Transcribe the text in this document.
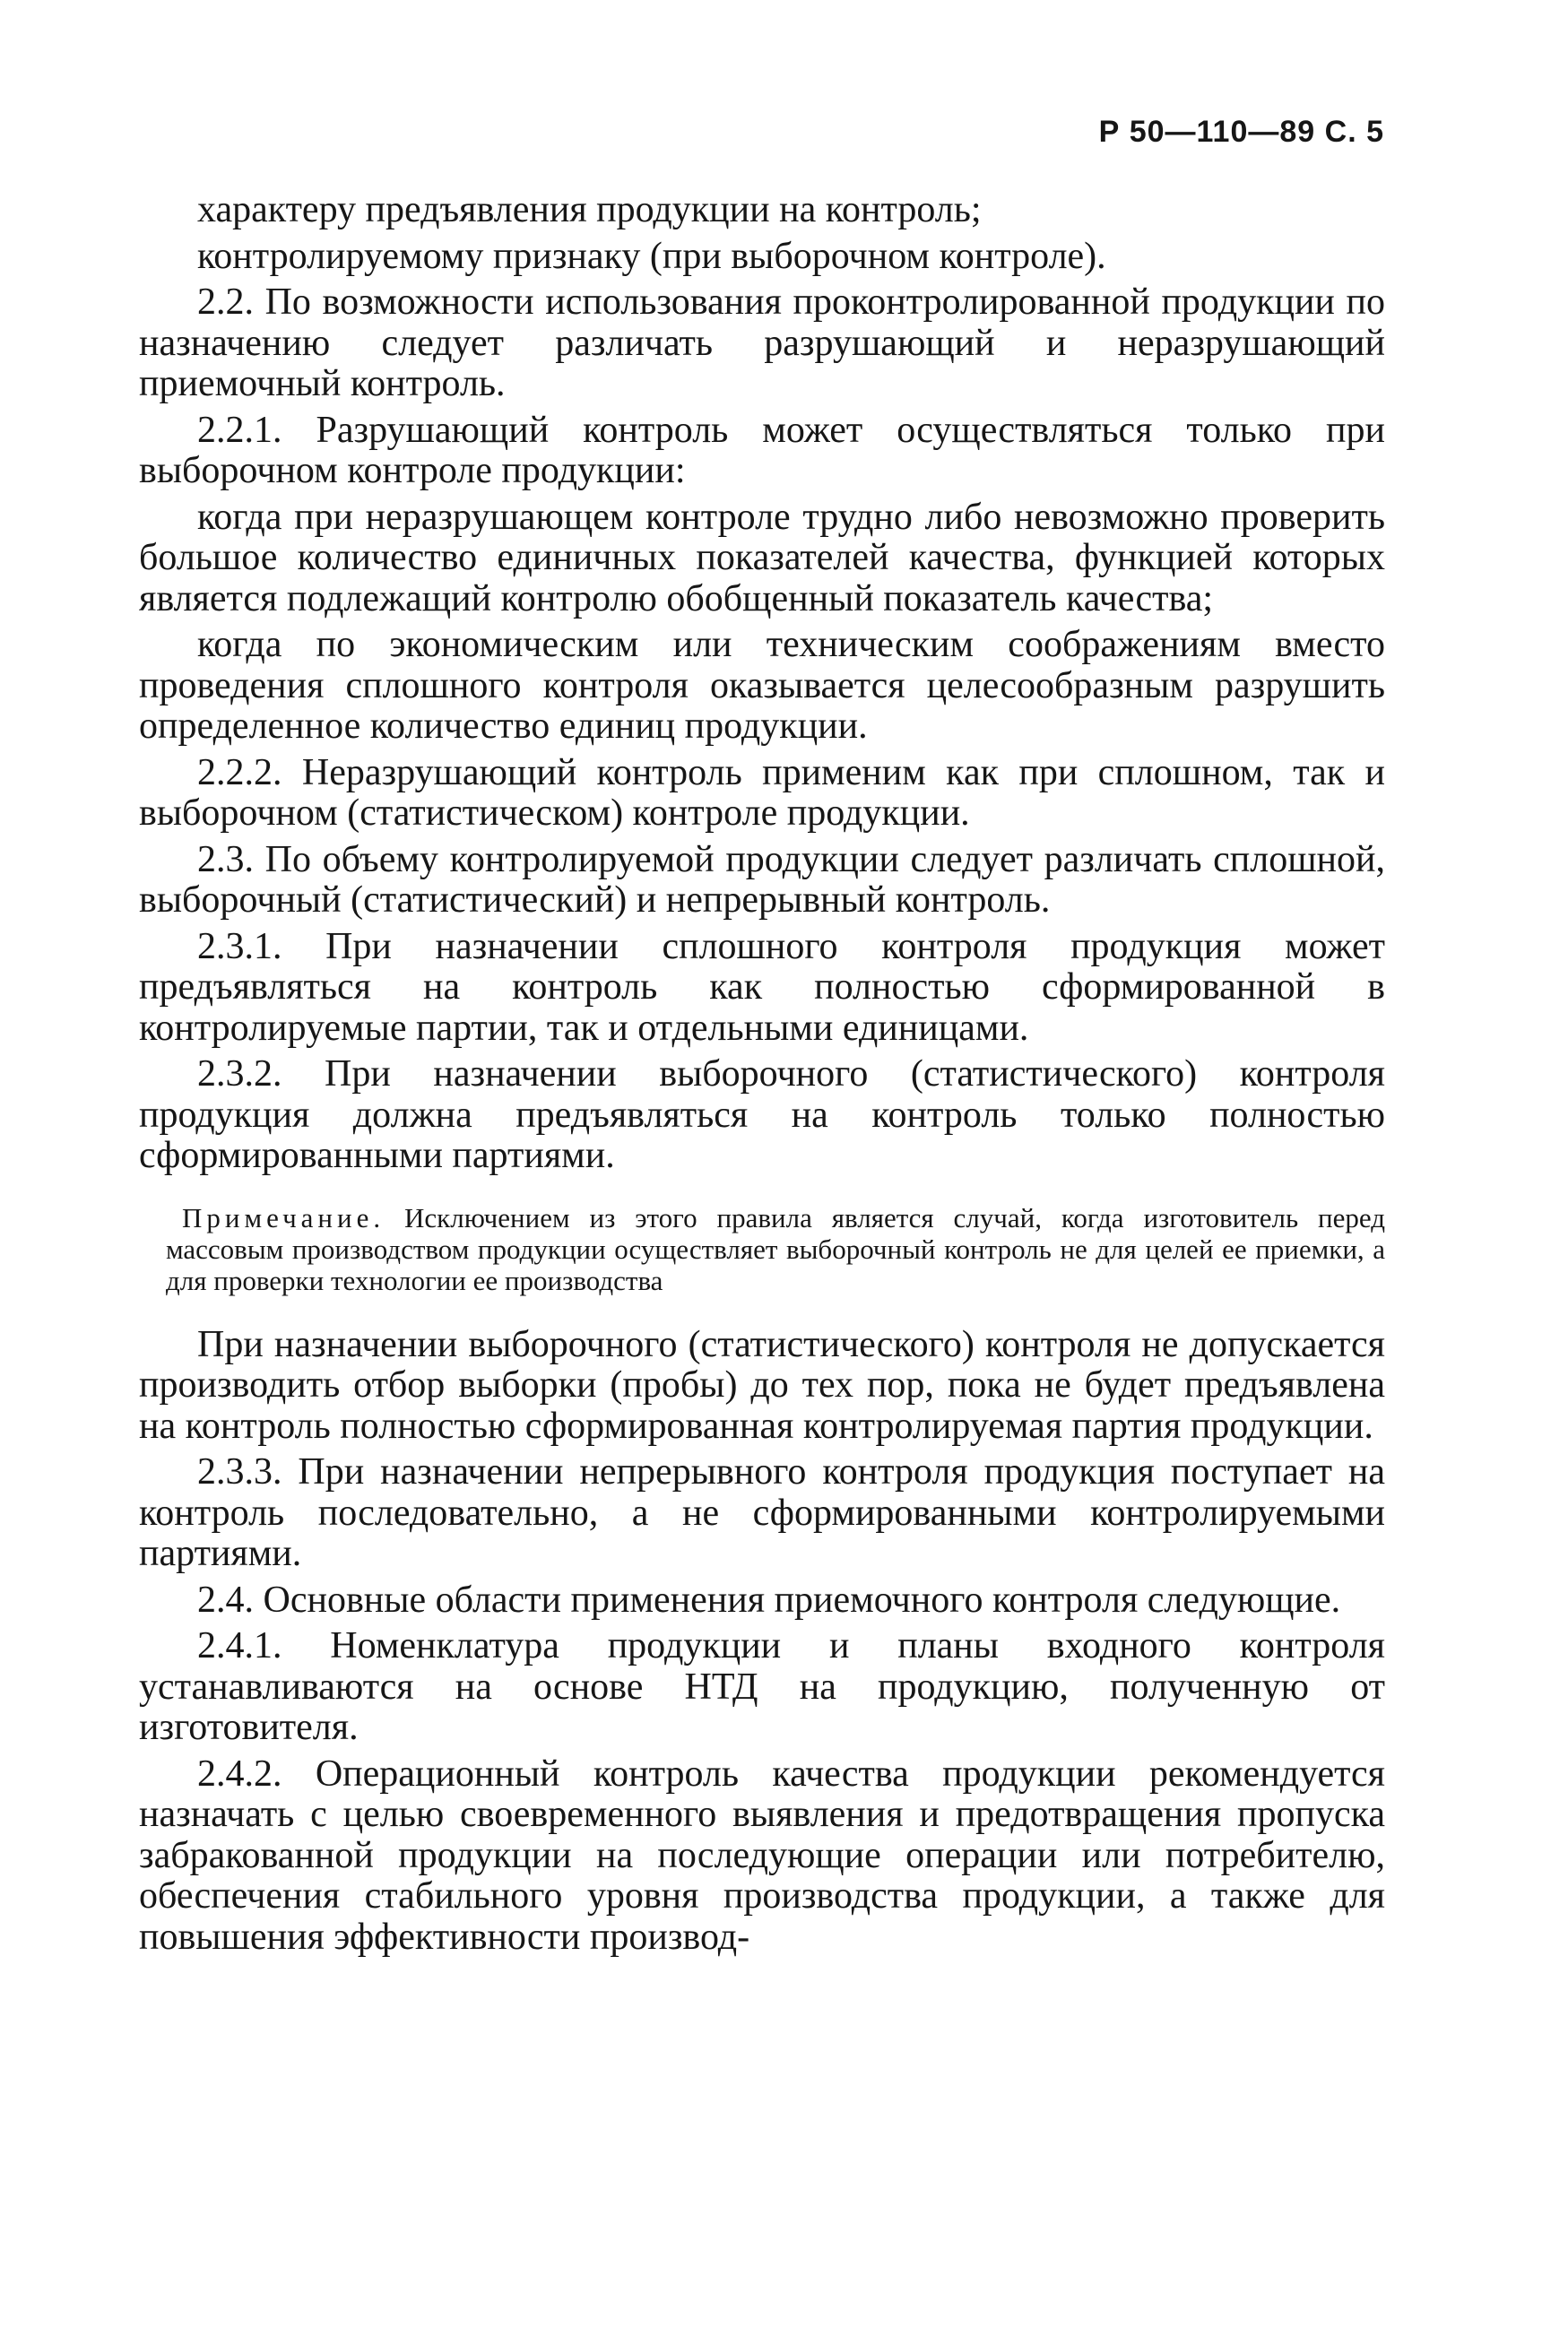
Р 50—110—89 С. 5

характеру предъявления продукции на контроль;

контролируемому признаку (при выборочном контроле).

2.2. По возможности использования проконтролированной продукции по назначению следует различать разрушающий и неразрушающий приемочный контроль.

2.2.1. Разрушающий контроль может осуществляться только при выборочном контроле продукции:

когда при неразрушающем контроле трудно либо невозможно проверить большое количество единичных показателей качества, функцией которых является подлежащий контролю обобщенный показатель качества;

когда по экономическим или техническим соображениям вместо проведения сплошного контроля оказывается целесообразным разрушить определенное количество единиц продукции.

2.2.2. Неразрушающий контроль применим как при сплошном, так и выборочном (статистическом) контроле продукции.

2.3. По объему контролируемой продукции следует различать сплошной, выборочный (статистический) и непрерывный контроль.

2.3.1. При назначении сплошного контроля продукция может предъявляться на контроль как полностью сформированной в контролируемые партии, так и отдельными единицами.

2.3.2. При назначении выборочного (статистического) контроля продукция должна предъявляться на контроль только полностью сформированными партиями.

Примечание. Исключением из этого правила является случай, когда изготовитель перед массовым производством продукции осуществляет выборочный контроль не для целей ее приемки, а для проверки технологии ее производства

При назначении выборочного (статистического) контроля не допускается производить отбор выборки (пробы) до тех пор, пока не будет предъявлена на контроль полностью сформированная контролируемая партия продукции.

2.3.3. При назначении непрерывного контроля продукция поступает на контроль последовательно, а не сформированными контролируемыми партиями.

2.4. Основные области применения приемочного контроля следующие.

2.4.1. Номенклатура продукции и планы входного контроля устанавливаются на основе НТД на продукцию, полученную от изготовителя.

2.4.2. Операционный контроль качества продукции рекомендуется назначать с целью своевременного выявления и предотвращения пропуска забракованной продукции на последующие операции или потребителю, обеспечения стабильного уровня производства продукции, а также для повышения эффективности производ-
